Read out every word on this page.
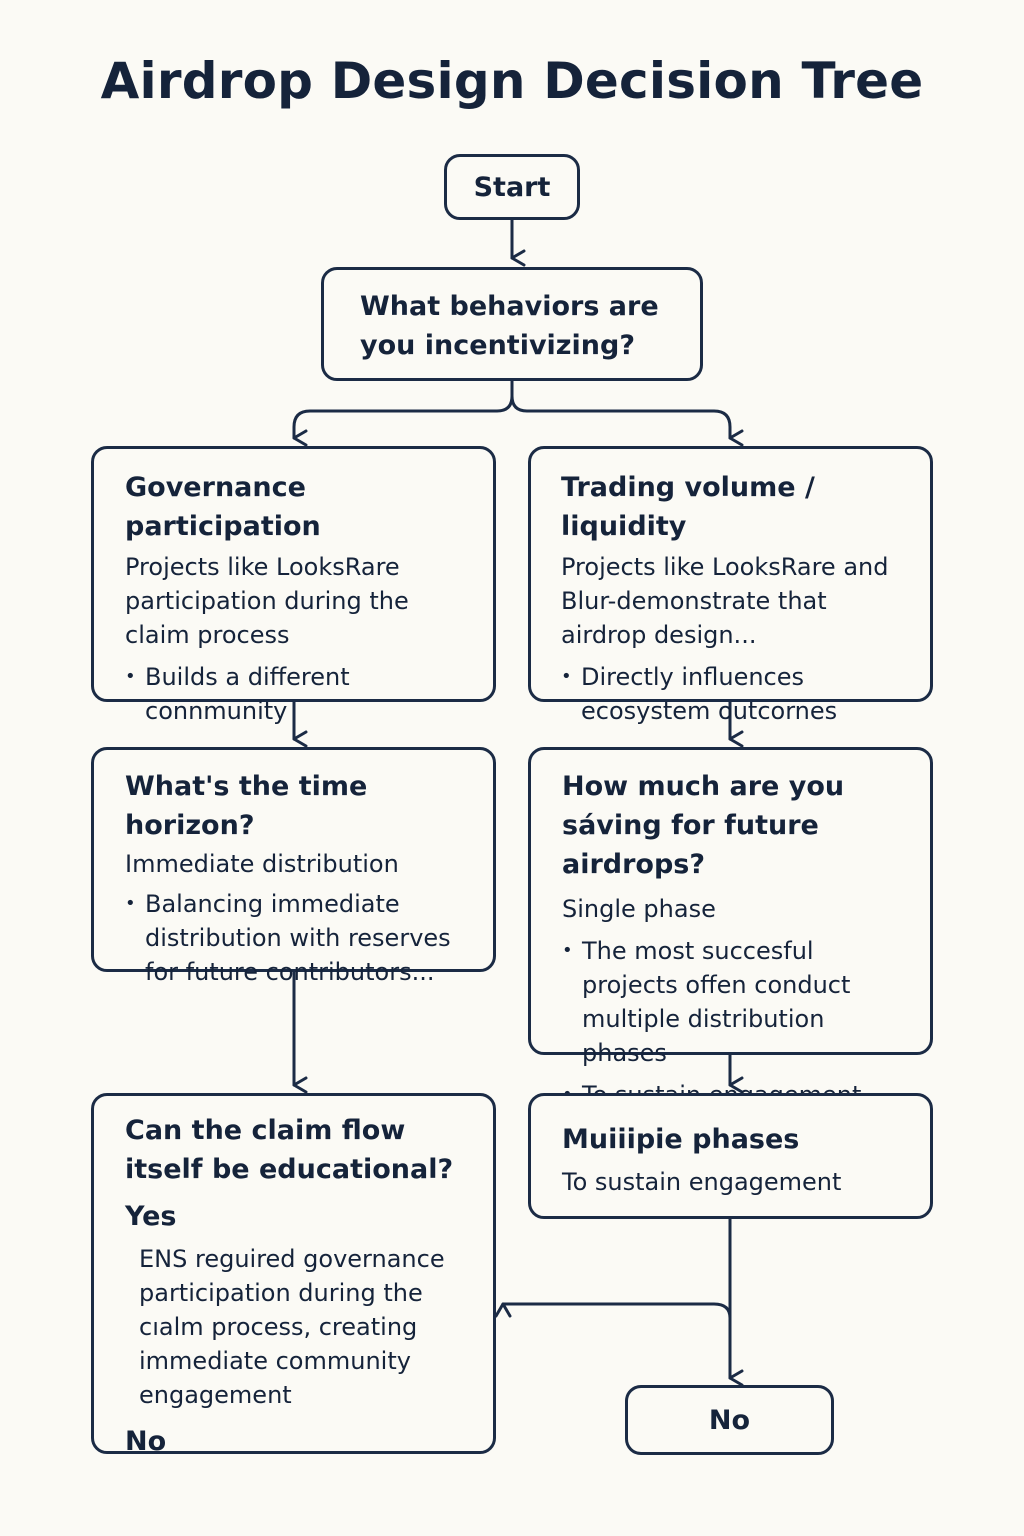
Airdrop Design Decision Tree
Start

What behaviors are you incentivizing?

Governance participation

Projects like LooksRare participation during the claim process

• Builds a different connmunity

Trading volume / liquidity

Projects like LooksRare and Blur-demonstrate that airdrop design...

• Directly influences ecosystem outcornes

What's the time horizon?

Immediate distribution

• Balancing immediate distribution with reserves for future contributors...

How much are you sáving for future airdrops?

Single phase

• The most succesful projects offen conduct multiple distribution phases
•

Can the claim flow itself be educational?

Yes

ENS reguired governance participation during the cıalm process, creating immediate community engagement

No

Muiiipie phases

To sustain engagement

No
